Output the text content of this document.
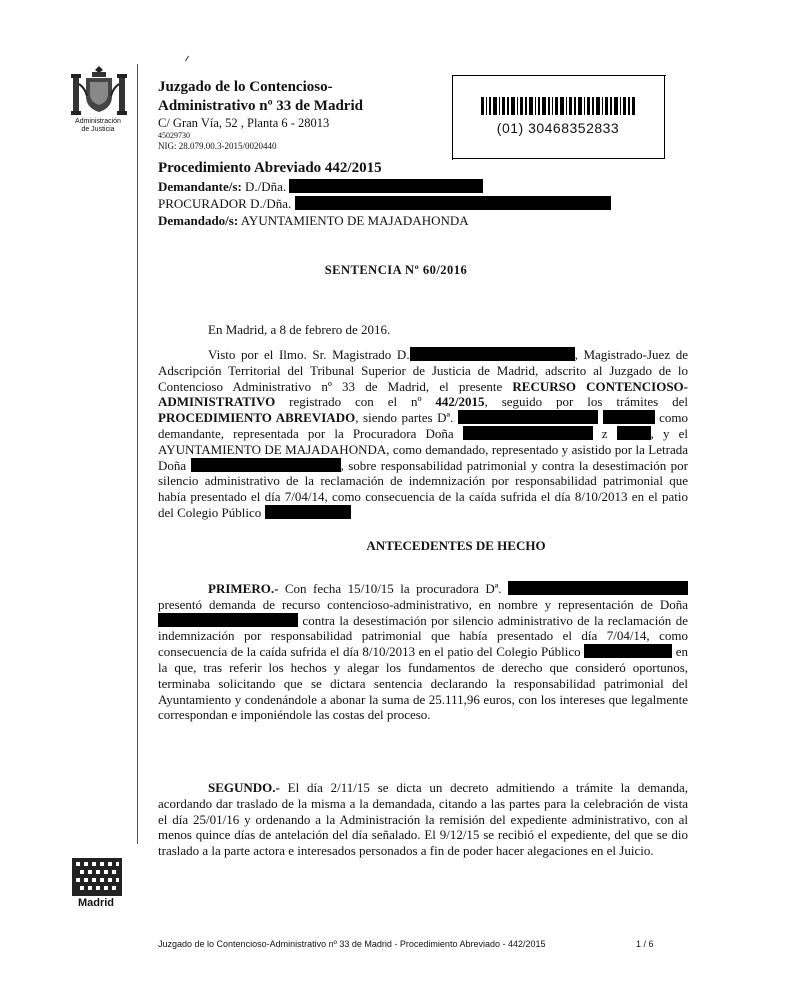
Administración
de Justicia
Madrid
Juzgado de lo Contencioso-
Administrativo nº 33 de Madrid
C/ Gran Vía, 52 , Planta 6 - 28013
45029730
NIG: 28.079.00.3-2015/0020440
(01) 30468352833
Procedimiento Abreviado 442/2015
Demandante/s: D./Dña.
PROCURADOR D./Dña.
Demandado/s: AYUNTAMIENTO DE MAJADAHONDA
SENTENCIA Nº 60/2016
En Madrid, a 8 de febrero de 2016.
Visto por el Ilmo. Sr. Magistrado D.	, Magistrado-Juez de Adscripción Territorial del Tribunal Superior de Justicia de Madrid, adscrito al Juzgado de lo Contencioso Administrativo nº 33 de Madrid, el presente RECURSO CONTENCIOSO-ADMINISTRATIVO registrado con el nº 442/2015, seguido por los trámites del PROCEDIMIENTO ABREVIADO, siendo partes Dª.	como demandante, representada por la Procuradora Doña	z	, y el AYUNTAMIENTO DE MAJADAHONDA, como demandado, representado y asistido por la Letrada Doña	, sobre responsabilidad patrimonial y contra la desestimación por silencio administrativo de la reclamación de indemnización por responsabilidad patrimonial que había presentado el día 7/04/14, como consecuencia de la caída sufrida el día 8/10/2013 en el patio del Colegio Público
ANTECEDENTES DE HECHO
PRIMERO.- Con fecha 15/10/15 la procuradora Dª.  presentó demanda de recurso contencioso-administrativo, en nombre y representación de Doña  contra la desestimación por silencio administrativo de la reclamación de indemnización por responsabilidad patrimonial que había presentado el día 7/04/14, como consecuencia de la caída sufrida el día 8/10/2013 en el patio del Colegio Público	en la que, tras referir los hechos y alegar los fundamentos de derecho que consideró oportunos, terminaba solicitando que se dictara sentencia declarando la responsabilidad patrimonial del Ayuntamiento y condenándole a abonar la suma de 25.111,96 euros, con los intereses que legalmente correspondan e imponiéndole las costas del proceso.
SEGUNDO.- El día 2/11/15 se dicta un decreto admitiendo a trámite la demanda, acordando dar traslado de la misma a la demandada, citando a las partes para la celebración de vista el día 25/01/16 y ordenando a la Administración la remisión del expediente administrativo, con al menos quince días de antelación del día señalado. El 9/12/15 se recibió el expediente, del que se dio traslado a la parte actora e interesados personados a fin de poder hacer alegaciones en el Juicio.
Juzgado de lo Contencioso-Administrativo nº 33 de Madrid - Procedimiento Abreviado - 442/2015	1 / 6
